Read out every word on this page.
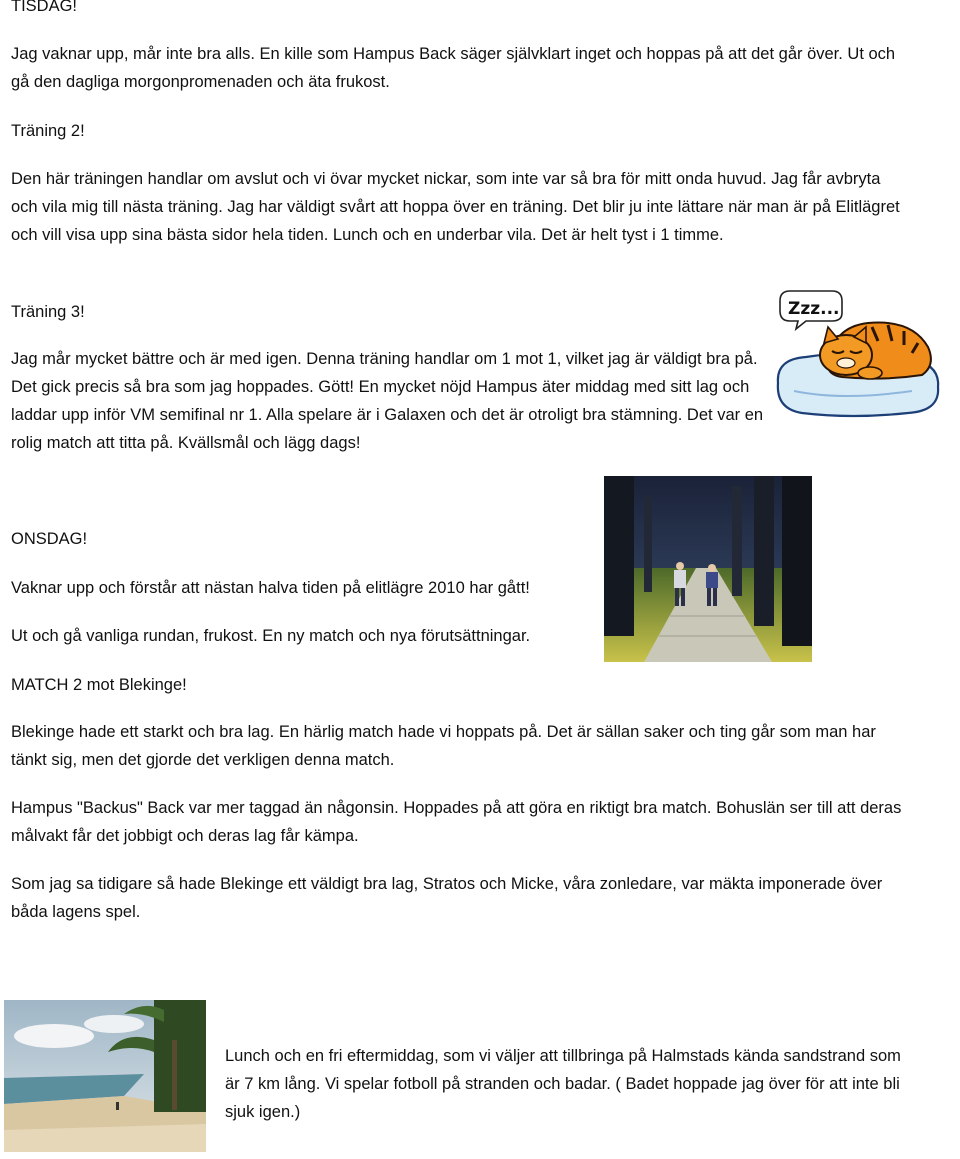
TISDAG!

Jag vaknar upp, mår inte bra alls. En kille som Hampus Back säger självklart inget och hoppas på att det går över. Ut och gå den dagliga morgonpromenaden och äta frukost.

Träning 2!

Den här träningen handlar om avslut och vi övar mycket nickar, som inte var så bra för mitt onda huvud. Jag får avbryta och vila mig till nästa träning. Jag har väldigt svårt att hoppa över en träning. Det blir ju inte lättare när man är på Elitlägret och vill visa upp sina bästa sidor hela tiden. Lunch och en underbar vila. Det är helt tyst i 1 timme.

Träning 3!

Jag mår mycket bättre och är med igen. Denna träning handlar om 1 mot 1, vilket jag är väldigt bra på. Det gick precis så bra som jag hoppades. Gött! En mycket nöjd Hampus äter middag med sitt lag och laddar upp inför VM semifinal nr 1. Alla spelare är i Galaxen och det är otroligt bra stämning. Det var en rolig match att titta på. Kvällsmål och lägg dags!

Zzz...

ONSDAG!

Vaknar upp och förstår att nästan halva tiden på elitlägre 2010 har gått!

Ut och gå vanliga rundan, frukost. En ny match och nya förutsättningar.

MATCH 2 mot Blekinge!

Blekinge hade ett starkt och bra lag. En härlig match hade vi hoppats på. Det är sällan saker och ting går som man har tänkt sig, men det gjorde det verkligen denna match.

Hampus "Backus" Back var mer taggad än någonsin. Hoppades på att göra en riktigt bra match. Bohuslän ser till att deras målvakt får det jobbigt och deras lag får kämpa.

Som jag sa tidigare så hade Blekinge ett väldigt bra lag, Stratos och Micke, våra zonledare, var mäkta imponerade över båda lagens spel.

Lunch och en fri eftermiddag, som vi väljer att tillbringa på Halmstads kända sandstrand som är 7 km lång. Vi spelar fotboll på stranden och badar. ( Badet hoppade jag över för att inte bli sjuk igen.)
